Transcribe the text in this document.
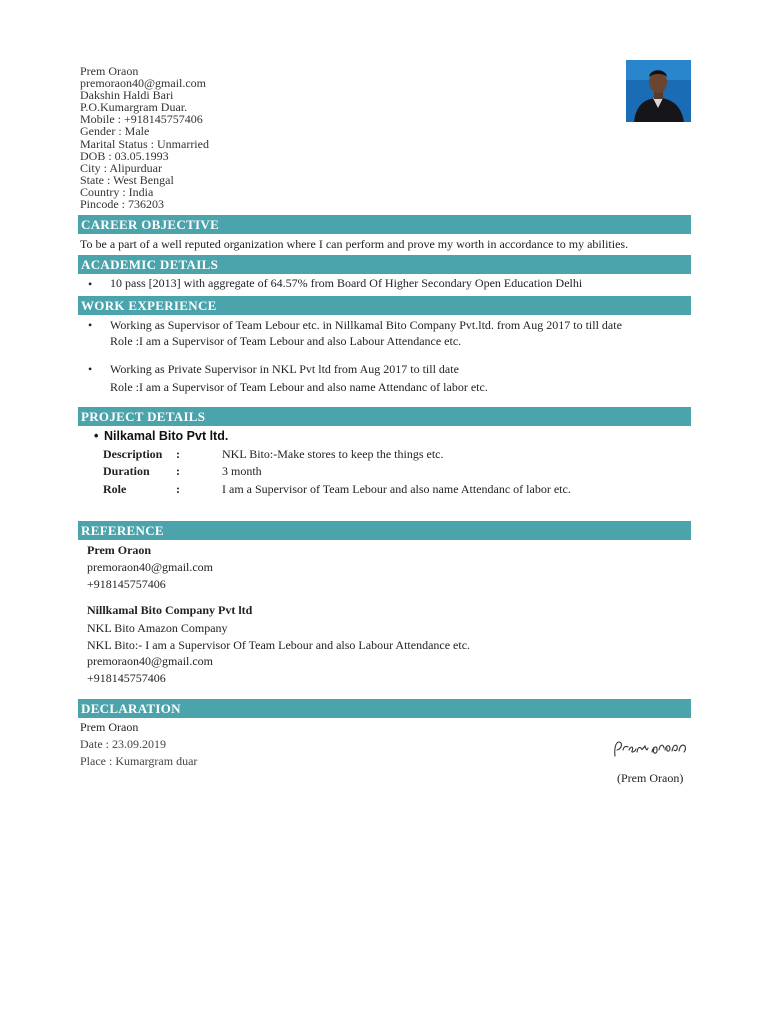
Prem Oraon
premoraon40@gmail.com
Dakshin Haldi Bari
P.O.Kumargram Duar.
Mobile : +918145757406
Gender : Male
Marital Status : Unmarried
DOB : 03.05.1993
City : Alipurduar
State : West Bengal
Country : India
Pincode : 736203
CAREER OBJECTIVE
To be a part of a well reputed organization where I can perform and prove my worth in accordance to my abilities.
ACADEMIC DETAILS
• 10 pass [2013] with aggregate of 64.57% from Board Of Higher Secondary Open Education Delhi
WORK EXPERIENCE
• Working as Supervisor of Team Lebour etc. in Nillkamal Bito Company Pvt.ltd. from Aug 2017 to till date
Role :I am a Supervisor of Team Lebour and also Labour Attendance etc.
• Working as Private Supervisor in NKL Pvt ltd from Aug 2017 to till date
Role :I am a Supervisor of Team Lebour and also name Attendanc of labor etc.
PROJECT DETAILS
• Nilkamal Bito Pvt ltd.
Description :	NKL Bito:-Make stores to keep the things etc.
Duration :	3 month
Role	:	I am a Supervisor of Team Lebour and also name Attendanc of labor etc.
REFERENCE
Prem Oraon
premoraon40@gmail.com
+918145757406
Nillkamal Bito Company Pvt ltd
NKL Bito Amazon Company
NKL Bito:- I am a Supervisor Of Team Lebour and also Labour Attendance etc.
premoraon40@gmail.com
+918145757406
DECLARATION
Prem Oraon
Date : 23.09.2019
Place : Kumargram duar
(Prem Oraon)
